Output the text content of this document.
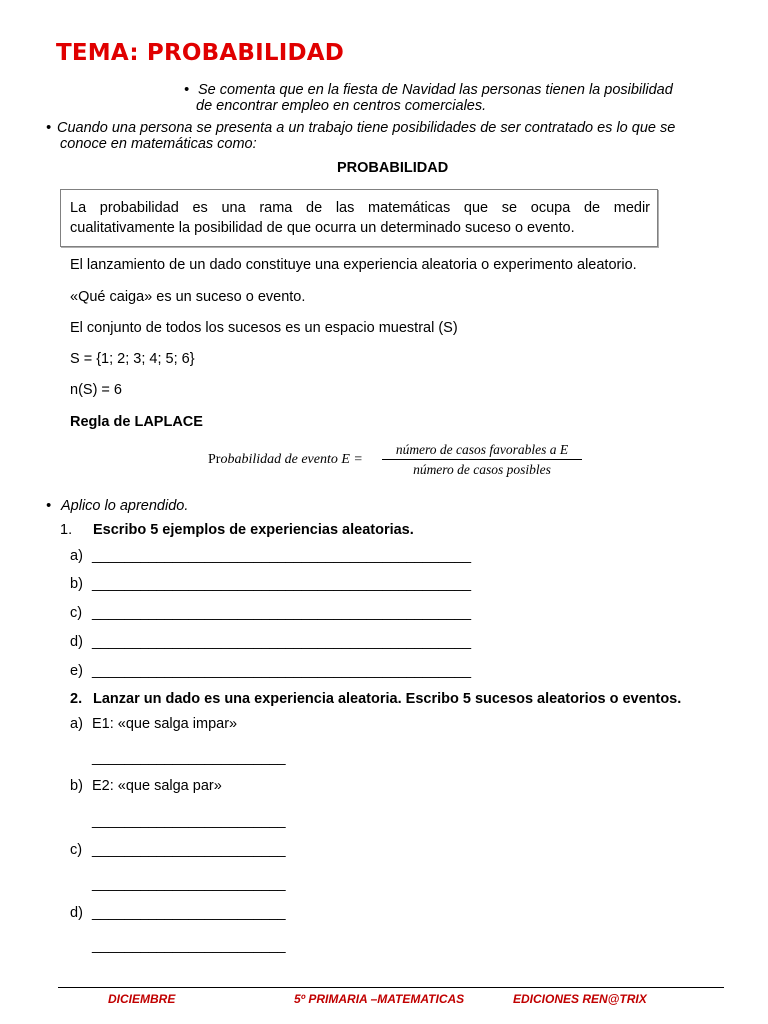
TEMA: PROBABILIDAD
• Se comenta que en la fiesta de Navidad las personas tienen la posibilidad
de encontrar empleo en centros comerciales.
• Cuando una persona se presenta a un trabajo tiene posibilidades de ser contratado es lo que se
conoce en matemáticas como:
PROBABILIDAD
La probabilidad es una rama de las matemáticas que se ocupa de medir
cualitativamente la posibilidad de que ocurra un determinado suceso o evento.
El lanzamiento de un dado constituye una experiencia aleatoria o experimento aleatorio.
«Qué caiga» es un suceso o evento.
El conjunto de todos los sucesos es un espacio muestral (S)
S = {1; 2; 3; 4; 5; 6}
n(S) = 6
Regla de LAPLACE
Probabilidad de evento E =
número de casos favorables a E
número de casos posibles
• Aplico lo aprendido.
1. Escribo 5 ejemplos de experiencias aleatorias.
a) _______________________________________________
b) _______________________________________________
c) _______________________________________________
d) _______________________________________________
e) _______________________________________________
2. Lanzar un dado es una experiencia aleatoria. Escribo 5 sucesos aleatorios o eventos.
a) E1: «que salga impar»
________________________
b) E2: «que salga par»
________________________
c) ________________________
________________________
d) ________________________
________________________
DICIEMBRE	5º PRIMARIA –MATEMATICAS	EDICIONES REN@TRIX
